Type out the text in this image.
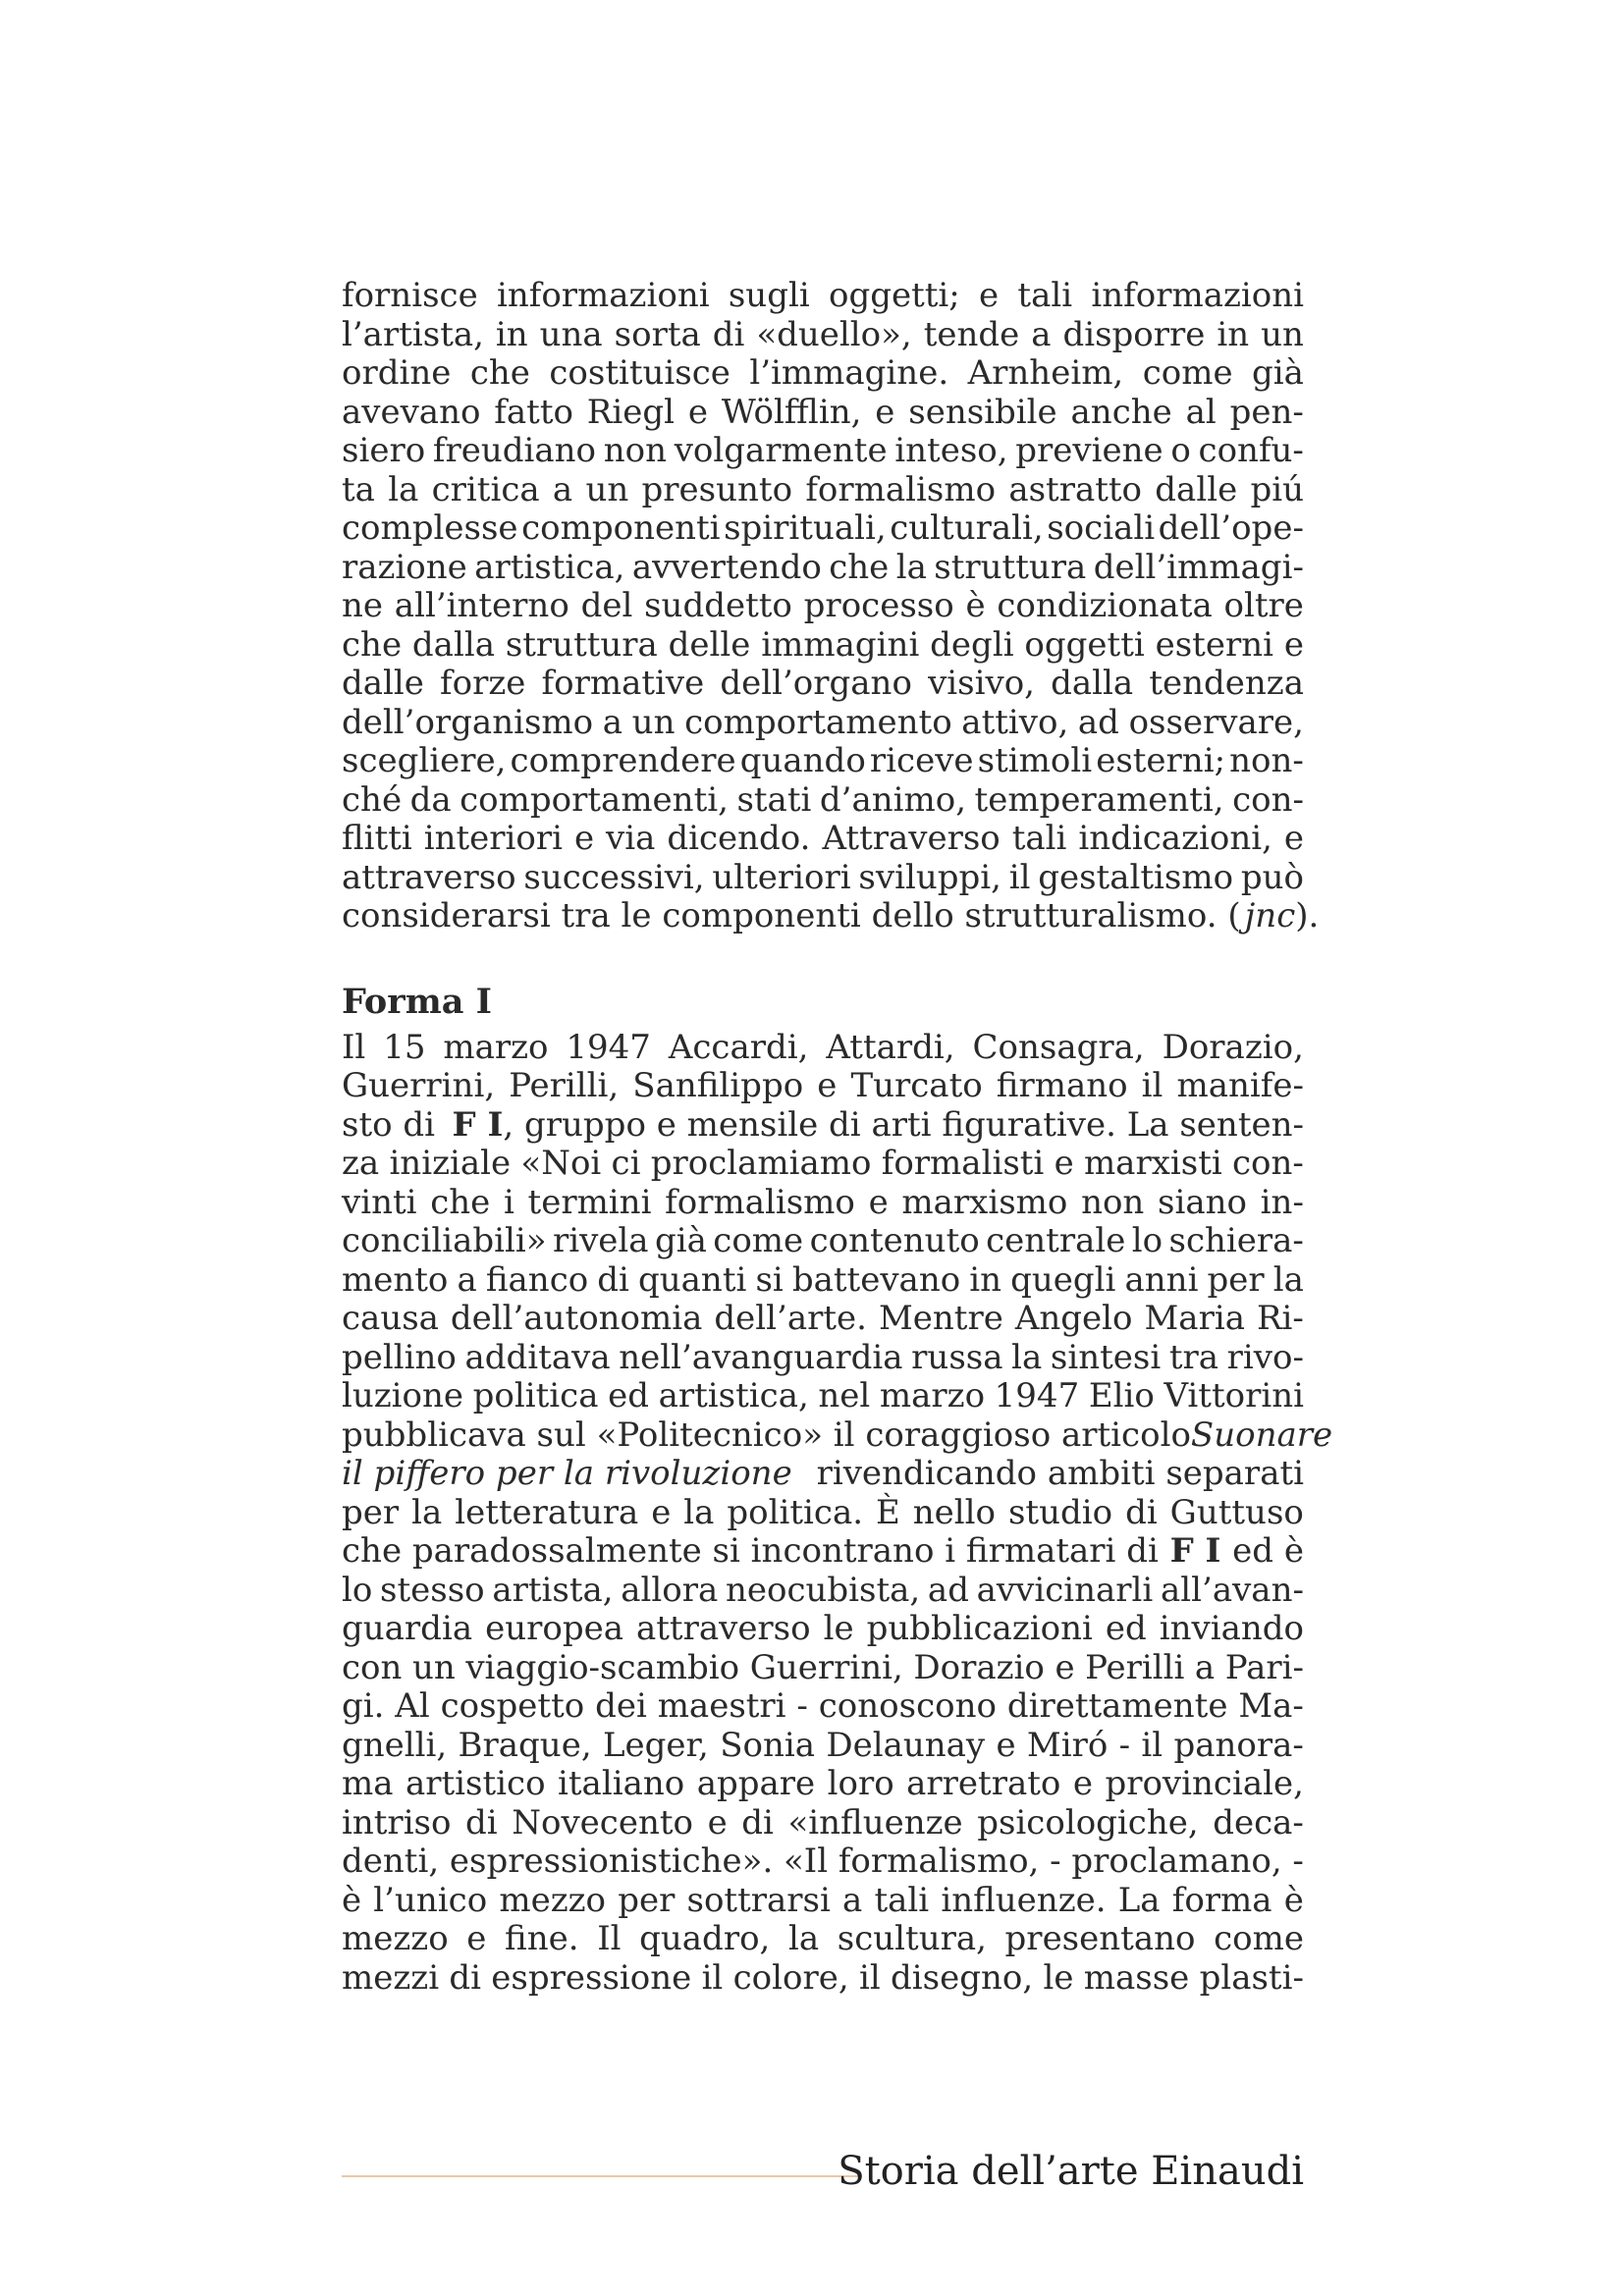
fornisce informazioni sugli oggetti; e tali informazioni
l’artista, in una sorta di «duello», tende a disporre in un
ordine che costituisce l’immagine. Arnheim, come già
avevano fatto Riegl e Wölfflin, e sensibile anche al pen-
siero freudiano non volgarmente inteso, previene o confu-
ta la critica a un presunto formalismo astratto dalle piú
complesse componenti spirituali, culturali, sociali dell’ope-
razione artistica, avvertendo che la struttura dell’immagi-
ne all’interno del suddetto processo è condizionata oltre
che dalla struttura delle immagini degli oggetti esterni e
dalle forze formative dell’organo visivo, dalla tendenza
dell’organismo a un comportamento attivo, ad osservare,
scegliere, comprendere quando riceve stimoli esterni; non-
ché da comportamenti, stati d’animo, temperamenti, con-
flitti interiori e via dicendo. Attraverso tali indicazioni, e
attraverso successivi, ulteriori sviluppi, il gestaltismo può
considerarsi tra le componenti dello strutturalismo. ( jnc ).
Forma I
Il 15 marzo 1947 Accardi, Attardi, Consagra, Dorazio,
Guerrini, Perilli, Sanfilippo e Turcato firmano il manife-
sto di F I, gruppo e mensile di arti figurative. La senten-
za iniziale «Noi ci proclamiamo formalisti e marxisti con-
vinti che i termini formalismo e marxismo non siano in-
conciliabili» rivela già come contenuto centrale lo schiera-
mento a fianco di quanti si battevano in quegli anni per la
causa dell’autonomia dell’arte. Mentre Angelo Maria Ri-
pellino additava nell’avanguardia russa la sintesi tra rivo-
luzione politica ed artistica, nel marzo 1947 Elio Vittorini
pubblicava sul «Politecnico» il coraggioso articolo Suonare
il piffero per la rivoluzione rivendicando ambiti separati
per la letteratura e la politica. È nello studio di Guttuso
che paradossalmente si incontrano i firmatari di F I ed è
lo stesso artista, allora neocubista, ad avvicinarli all’avan-
guardia europea attraverso le pubblicazioni ed inviando
con un viaggio-scambio Guerrini, Dorazio e Perilli a Pari-
gi. Al cospetto dei maestri - conoscono direttamente Ma-
gnelli, Braque, Leger, Sonia Delaunay e Miró - il panora-
ma artistico italiano appare loro arretrato e provinciale,
intriso di Novecento e di «influenze psicologiche, deca-
denti, espressionistiche». «Il formalismo, - proclamano, -
è l’unico mezzo per sottrarsi a tali influenze. La forma è
mezzo e fine. Il quadro, la scultura, presentano come
mezzi di espressione il colore, il disegno, le masse plasti-
Storia dell’arte Einaudi
